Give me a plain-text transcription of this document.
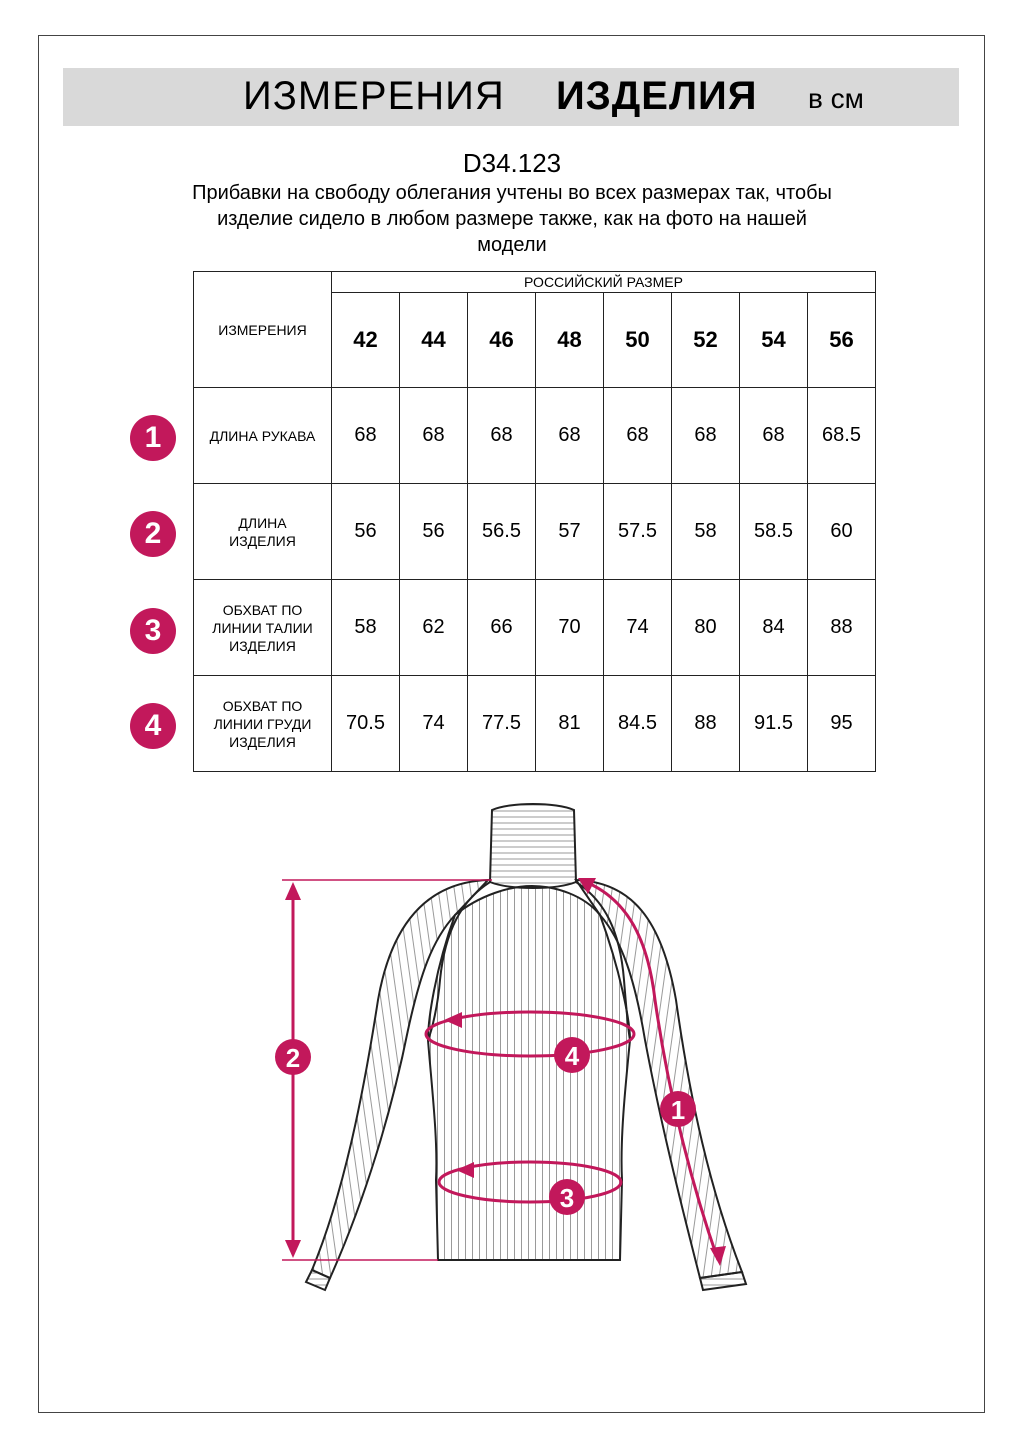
ИЗМЕРЕНИЯ ИЗДЕЛИЯ в см
D34.123
Прибавки на свободу облегания учтены во всех размерах так, чтобы
изделие сидело в любом размере также, как на фото на нашей
модели
ИЗМЕРЕНИЯ	РОССИЙСКИЙ РАЗМЕР							
	42	44	46	48	50	52	54	56
ДЛИНА РУКАВА	68	68	68	68	68	68	68	68.5
ДЛИНА
ИЗДЕЛИЯ	56	56	56.5	57	57.5	58	58.5	60
ОБХВАТ ПО
ЛИНИИ ТАЛИИ
ИЗДЕЛИЯ	58	62	66	70	74	80	84	88
ОБХВАТ ПО
ЛИНИИ ГРУДИ
ИЗДЕЛИЯ	70.5	74	77.5	81	84.5	88	91.5	95
1
2
3
4
2	4
3
1
